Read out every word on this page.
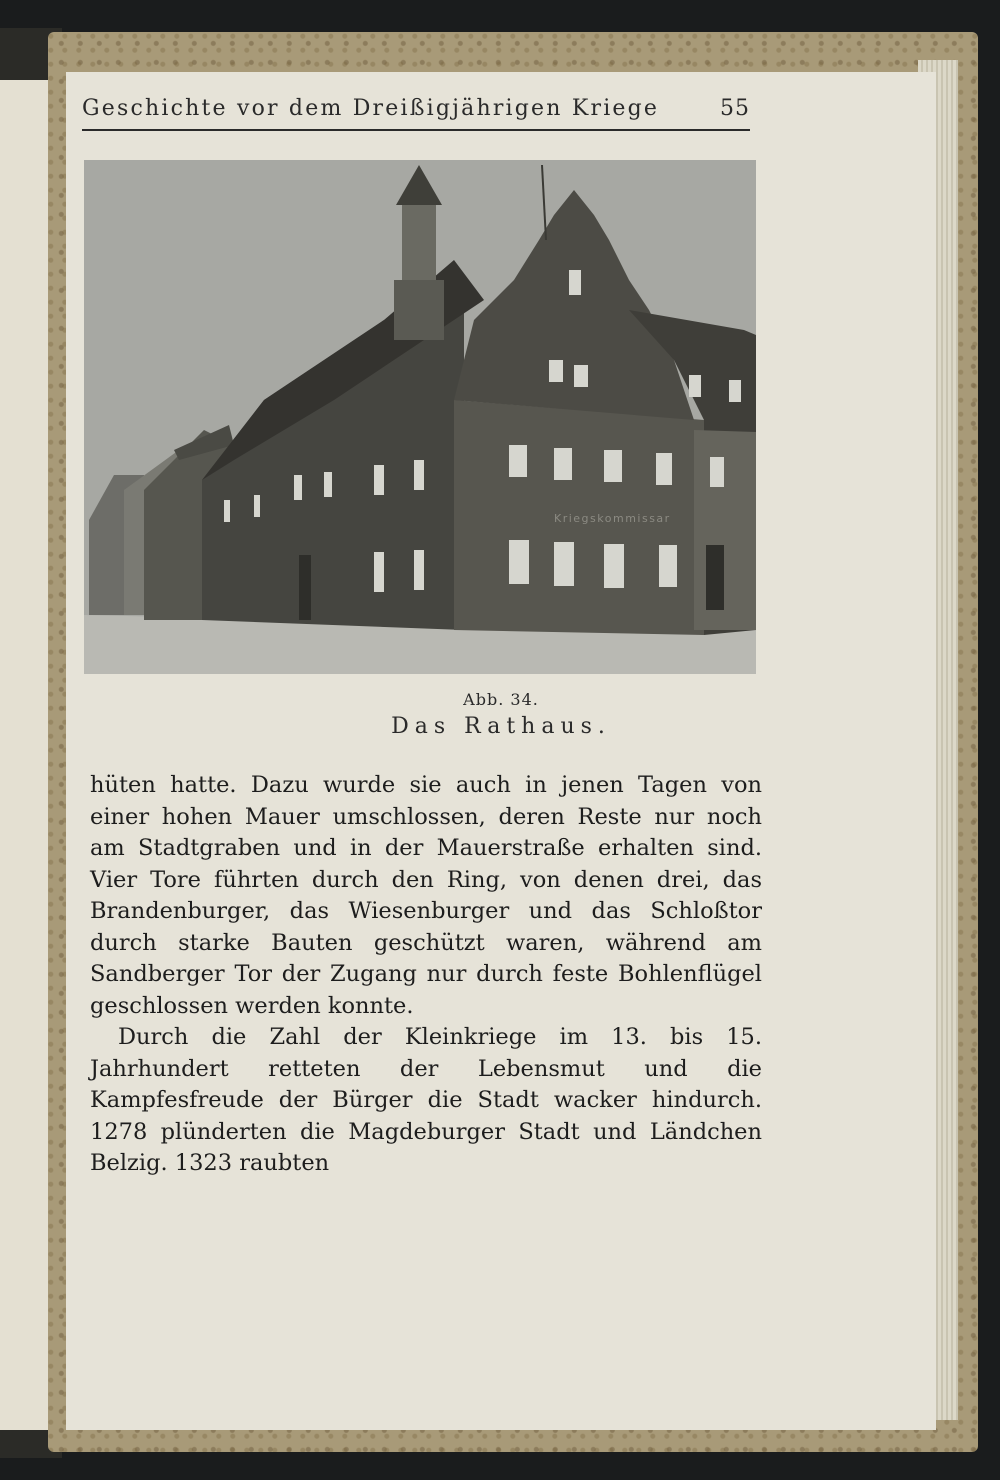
Geschichte vor dem Dreißigjährigen Kriege	55
Kriegskommissar
Abb. 34.
Das Rathaus.

hüten hatte. Dazu wurde sie auch in jenen Tagen von einer hohen Mauer umschlossen, deren Reste nur noch am Stadtgraben und in der Mauerstraße erhalten sind. Vier Tore führten durch den Ring, von denen drei, das Brandenburger, das Wiesenburger und das Schloßtor durch starke Bauten geschützt waren, während am Sandberger Tor der Zugang nur durch feste Bohlenflügel geschlossen werden konnte.

Durch die Zahl der Kleinkriege im 13. bis 15. Jahrhundert retteten der Lebensmut und die Kampfesfreude der Bürger die Stadt wacker hindurch. 1278 plünderten die Magdeburger Stadt und Ländchen Belzig. 1323 raubten
